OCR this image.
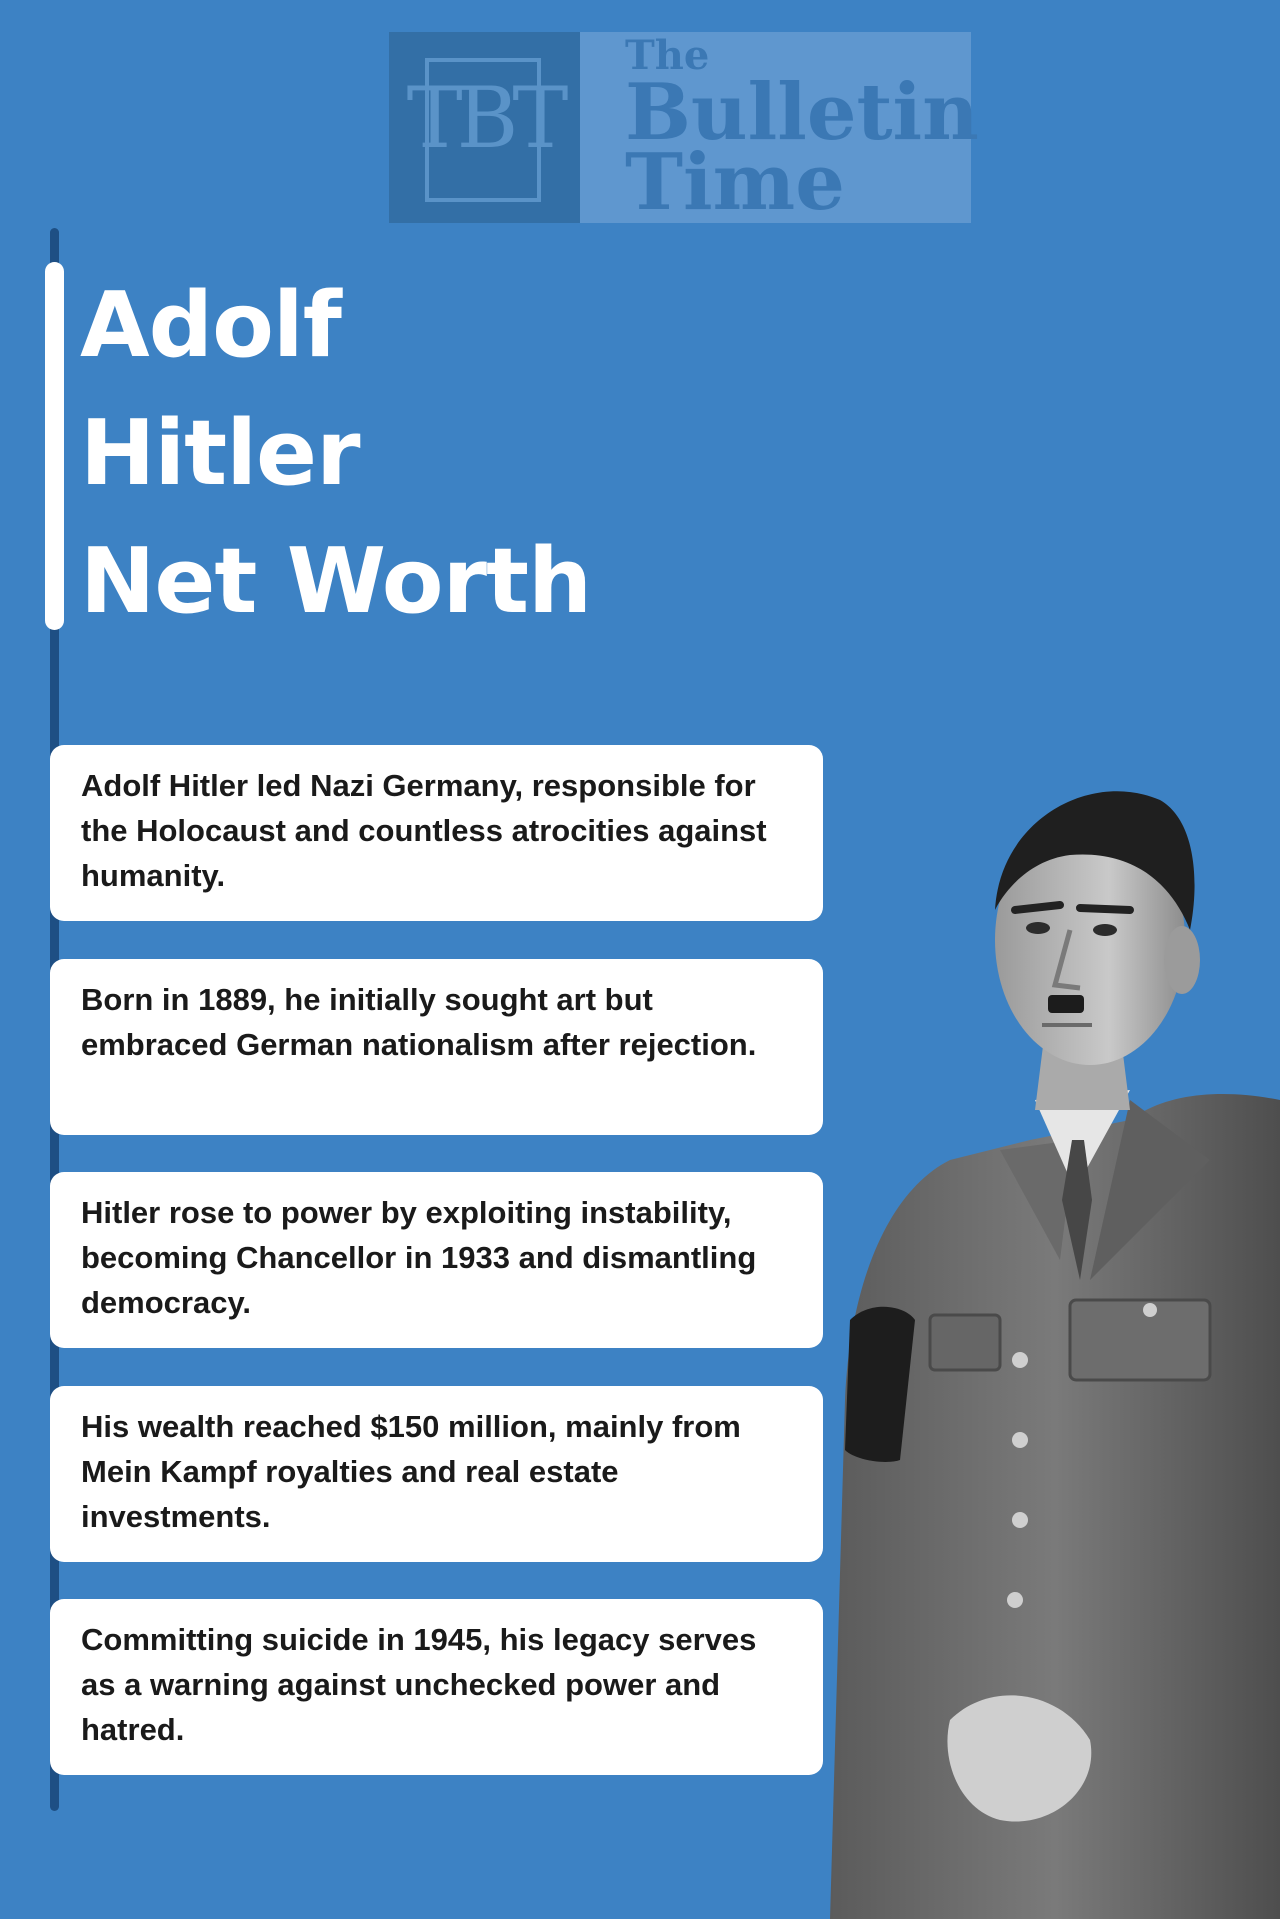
TBT
The
Bulletin
Time
Adolf
Hitler
Net Worth

Adolf Hitler led Nazi Germany, responsible for the Holocaust and countless atrocities against humanity.

Born in 1889, he initially sought art but embraced German nationalism after rejection.

Hitler rose to power by exploiting instability, becoming Chancellor in 1933 and dismantling democracy.

His wealth reached $150 million, mainly from Mein Kampf royalties and real estate investments.

Committing suicide in 1945, his legacy serves as a warning against unchecked power and hatred.
